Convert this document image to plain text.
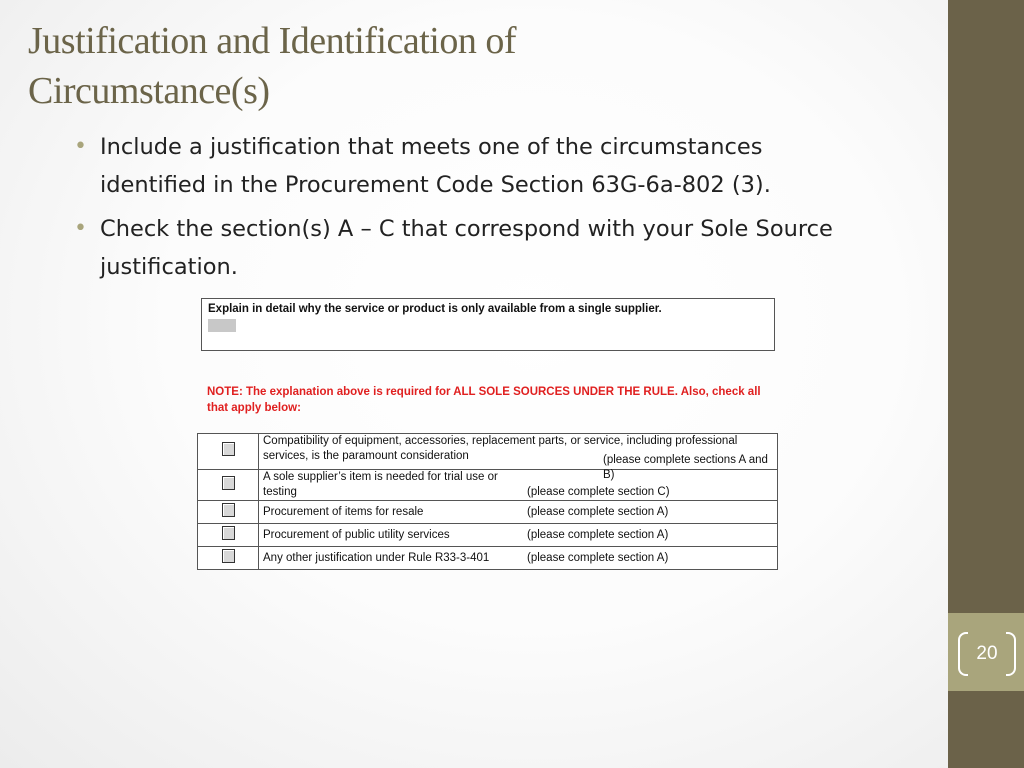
20
Justification and Identification of Circumstance(s)
• Include a justification that meets one of the circumstances identified in the Procurement Code Section 63G-6a-802 (3).
• Check the section(s) A – C that correspond with your Sole Source justification.
Explain in detail why the service or product is only available from a single supplier.
NOTE: The explanation above is required for ALL SOLE SOURCES UNDER THE RULE. Also, check all that apply below:
	Compatibility of equipment, accessories, replacement parts, or service, including professional services, is the paramount consideration (please complete sections A and B)

	A sole supplier’s item is needed for trial use or testing (please complete section C)
	Procurement of items for resale (please complete section A)
	Procurement of public utility services (please complete section A)
	Any other justification under Rule R33-3-401 (please complete section A)
